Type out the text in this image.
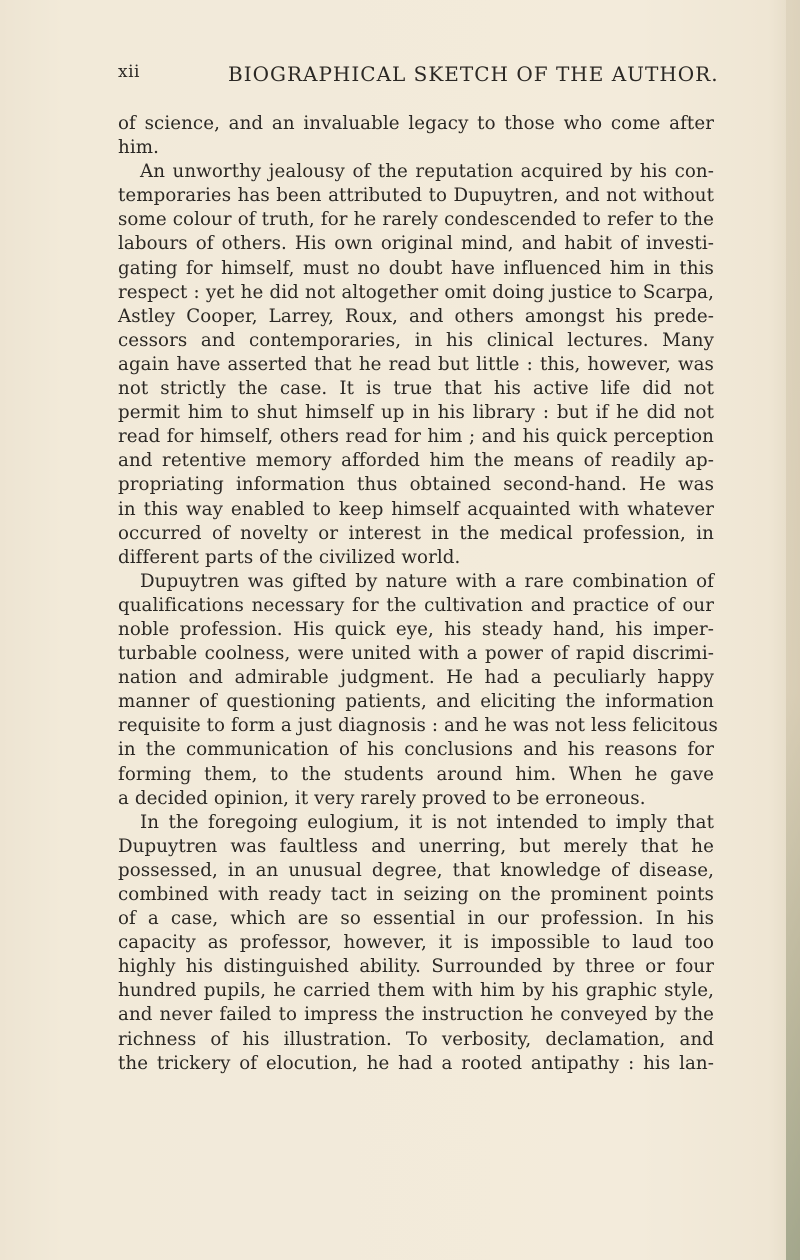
xii	BIOGRAPHICAL SKETCH OF THE AUTHOR.
of science, and an invaluable legacy to those who come after
him.
An unworthy jealousy of the reputation acquired by his con-
temporaries has been attributed to Dupuytren, and not without
some colour of truth, for he rarely condescended to refer to the
labours of others. His own original mind, and habit of investi-
gating for himself, must no doubt have influenced him in this
respect : yet he did not altogether omit doing justice to Scarpa,
Astley Cooper, Larrey, Roux, and others amongst his prede-
cessors and contemporaries, in his clinical lectures. Many
again have asserted that he read but little : this, however, was
not strictly the case. It is true that his active life did not
permit him to shut himself up in his library : but if he did not
read for himself, others read for him ; and his quick perception
and retentive memory afforded him the means of readily ap-
propriating information thus obtained second-hand. He was
in this way enabled to keep himself acquainted with whatever
occurred of novelty or interest in the medical profession, in
different parts of the civilized world.
Dupuytren was gifted by nature with a rare combination of
qualifications necessary for the cultivation and practice of our
noble profession. His quick eye, his steady hand, his imper-
turbable coolness, were united with a power of rapid discrimi-
nation and admirable judgment. He had a peculiarly happy
manner of questioning patients, and eliciting the information
requisite to form a just diagnosis : and he was not less felicitous
in the communication of his conclusions and his reasons for
forming them, to the students around him. When he gave
a decided opinion, it very rarely proved to be erroneous.
In the foregoing eulogium, it is not intended to imply that
Dupuytren was faultless and unerring, but merely that he
possessed, in an unusual degree, that knowledge of disease,
combined with ready tact in seizing on the prominent points
of a case, which are so essential in our profession. In his
capacity as professor, however, it is impossible to laud too
highly his distinguished ability. Surrounded by three or four
hundred pupils, he carried them with him by his graphic style,
and never failed to impress the instruction he conveyed by the
richness of his illustration. To verbosity, declamation, and
the trickery of elocution, he had a rooted antipathy : his lan-
